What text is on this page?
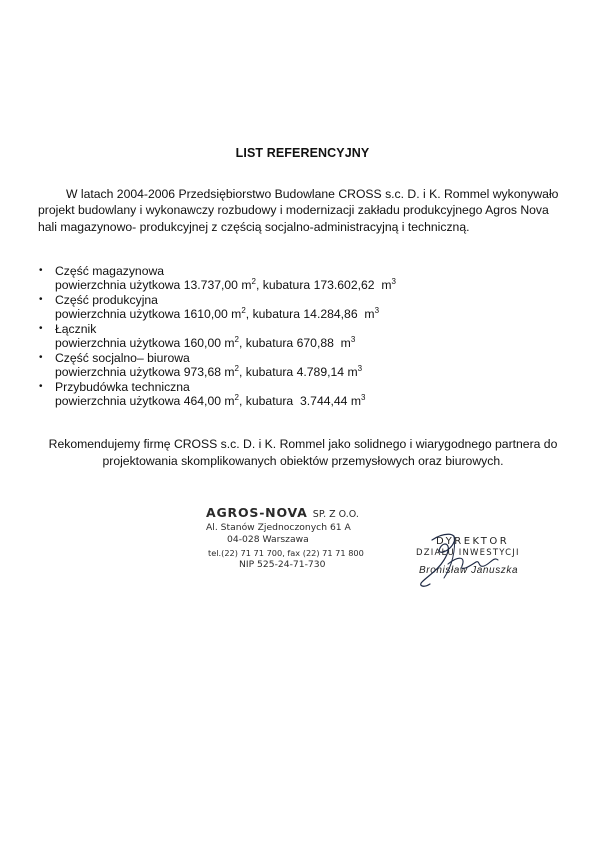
LIST REFERENCYJNY
W latach 2004-2006 Przedsiębiorstwo Budowlane CROSS s.c. D. i K. Rommel wykonywało projekt budowlany i wykonawczy rozbudowy i modernizacji zakładu produkcyjnego Agros Nova hali magazynowo- produkcyjnej z częścią socjalno-administracyjną i techniczną.
• Część magazynowa
powierzchnia użytkowa 13.737,00 $m^2$, kubatura 173.602,62 $m^3$
• Część produkcyjna
powierzchnia użytkowa 1610,00 $m^2$, kubatura 14.284,86 $m^3$
• Łącznik
powierzchnia użytkowa 160,00 $m^2$, kubatura 670,88 $m^3$
• Część socjalno– biurowa
powierzchnia użytkowa 973,68 $m^2$, kubatura 4.789,14 $m^3$
• Przybudówka techniczna
powierzchnia użytkowa 464,00 $m^2$, kubatura 3.744,44 $m^3$
Rekomendujemy firmę CROSS s.c. D. i K. Rommel jako solidnego i wiarygodnego partnera do projektowania skomplikowanych obiektów przemysłowych oraz biurowych.
AGROS-NOVA SP. Z O.O.
Al. Stanów Zjednoczonych 61 A
04-028 Warszawa
tel.(22) 71 71 700, fax (22) 71 71 800
NIP 525-24-71-730
DYREKTOR
DZIAŁU INWESTYCJI
Bronisław Januszka
